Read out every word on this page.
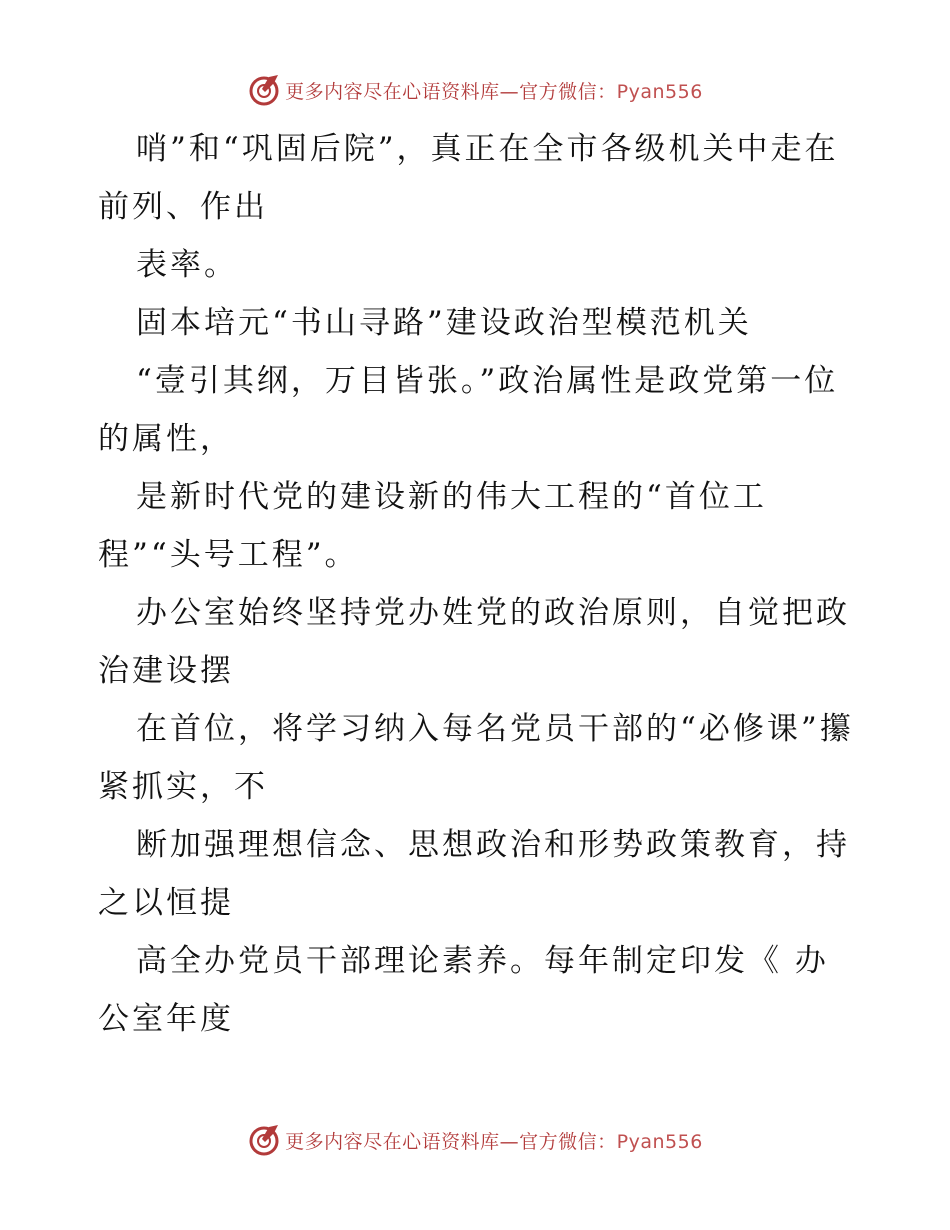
更多内容尽在心语资料库—官方微信：Pyan556

哨”和“巩固后院”，真正在全市各级机关中走在前列、作出

表率。

固本培元“书山寻路”建设政治型模范机关

“壹引其纲，万目皆张。”政治属性是政党第一位的属性，

是新时代党的建设新的伟大工程的“首位工程”“头号工程”。

办公室始终坚持党办姓党的政治原则，自觉把政治建设摆

在首位，将学习纳入每名党员干部的“必修课”攥紧抓实，不

断加强理想信念、思想政治和形势政策教育，持之以恒提

高全办党员干部理论素养。每年制定印发《 办公室年度

更多内容尽在心语资料库—官方微信：Pyan556
